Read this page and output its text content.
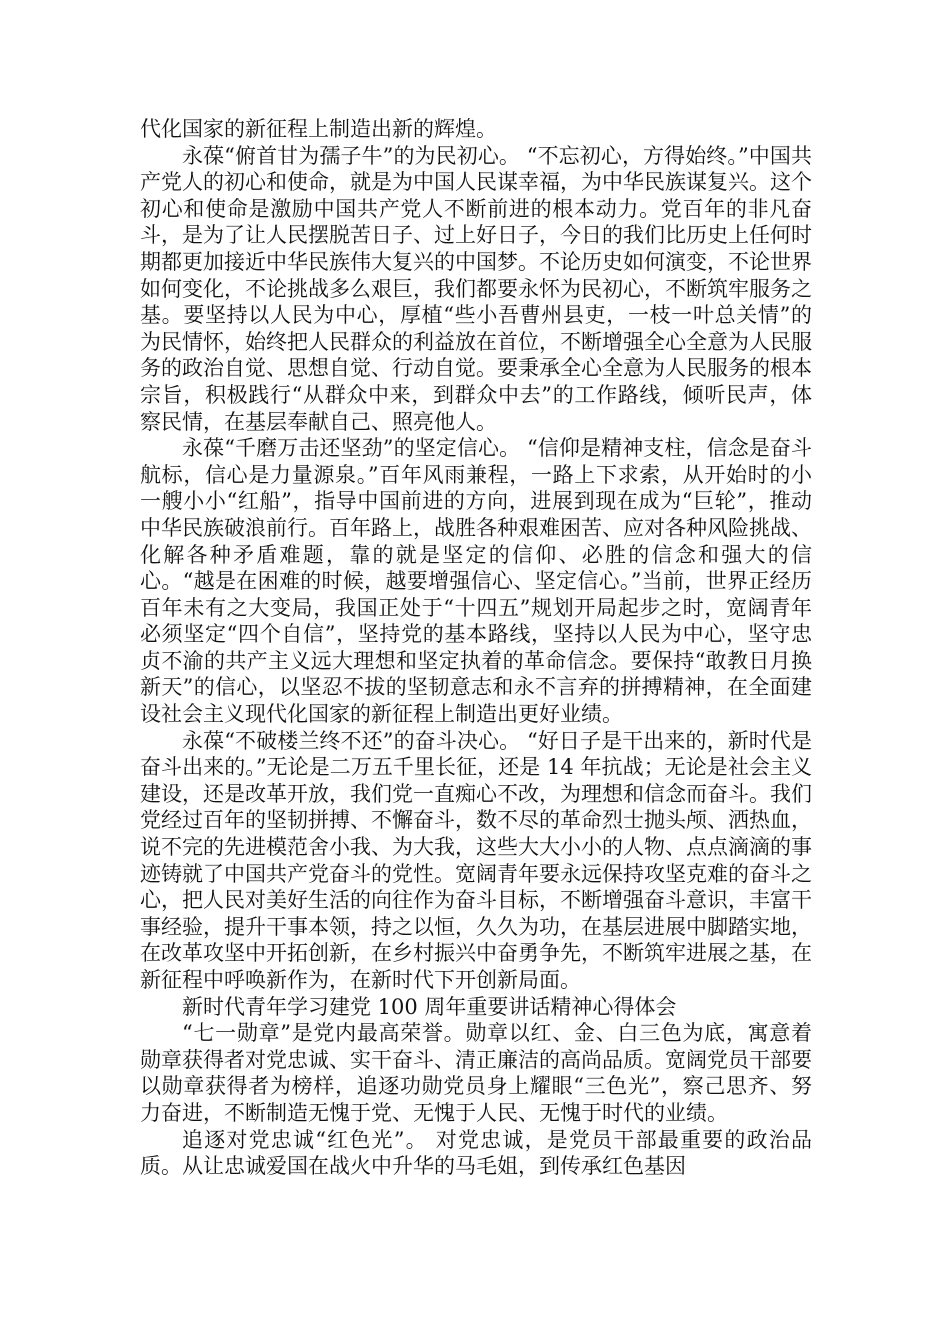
代化国家的新征程上制造出新的辉煌。

永葆“俯首甘为孺子牛”的为民初心。 “不忘初心，方得始终。”中国共产党人的初心和使命，就是为中国人民谋幸福，为中华民族谋复兴。这个初心和使命是激励中国共产党人不断前进的根本动力。党百年的非凡奋斗，是为了让人民摆脱苦日子、过上好日子，今日的我们比历史上任何时期都更加接近中华民族伟大复兴的中国梦。不论历史如何演变，不论世界如何变化，不论挑战多么艰巨，我们都要永怀为民初心，不断筑牢服务之基。要坚持以人民为中心，厚植“些小吾曹州县吏，一枝一叶总关情”的为民情怀，始终把人民群众的利益放在首位，不断增强全心全意为人民服务的政治自觉、思想自觉、行动自觉。要秉承全心全意为人民服务的根本宗旨，积极践行“从群众中来，到群众中去”的工作路线，倾听民声，体察民情，在基层奉献自己、照亮他人。

永葆“千磨万击还坚劲”的坚定信心。 “信仰是精神支柱，信念是奋斗航标，信心是力量源泉。”百年风雨兼程，一路上下求索，从开始时的小一艘小小“红船”，指导中国前进的方向，进展到现在成为“巨轮”，推动中华民族破浪前行。百年路上，战胜各种艰难困苦、应对各种风险挑战、化解各种矛盾难题，靠的就是坚定的信仰、必胜的信念和强大的信心。“越是在困难的时候，越要增强信心、坚定信心。”当前，世界正经历百年未有之大变局，我国正处于“十四五”规划开局起步之时，宽阔青年必须坚定“四个自信”，坚持党的基本路线，坚持以人民为中心，坚守忠贞不渝的共产主义远大理想和坚定执着的革命信念。要保持“敢教日月换新天”的信心，以坚忍不拔的坚韧意志和永不言弃的拼搏精神，在全面建设社会主义现代化国家的新征程上制造出更好业绩。

永葆“不破楼兰终不还”的奋斗决心。 “好日子是干出来的，新时代是奋斗出来的。”无论是二万五千里长征，还是 14 年抗战；无论是社会主义建设，还是改革开放，我们党一直痴心不改，为理想和信念而奋斗。我们党经过百年的坚韧拼搏、不懈奋斗，数不尽的革命烈士抛头颅、洒热血，说不完的先进模范舍小我、为大我，这些大大小小的人物、点点滴滴的事迹铸就了中国共产党奋斗的党性。宽阔青年要永远保持攻坚克难的奋斗之心，把人民对美好生活的向往作为奋斗目标，不断增强奋斗意识，丰富干事经验，提升干事本领，持之以恒，久久为功，在基层进展中脚踏实地，在改革攻坚中开拓创新，在乡村振兴中奋勇争先，不断筑牢进展之基，在新征程中呼唤新作为，在新时代下开创新局面。

新时代青年学习建党 100 周年重要讲话精神心得体会

“七一勋章”是党内最高荣誉。勋章以红、金、白三色为底，寓意着勋章获得者对党忠诚、实干奋斗、清正廉洁的高尚品质。宽阔党员干部要以勋章获得者为榜样，追逐功勋党员身上耀眼“三色光”，察己思齐、努力奋进，不断制造无愧于党、无愧于人民、无愧于时代的业绩。

追逐对党忠诚“红色光”。 对党忠诚，是党员干部最重要的政治品质。从让忠诚爱国在战火中升华的马毛姐，到传承红色基因
